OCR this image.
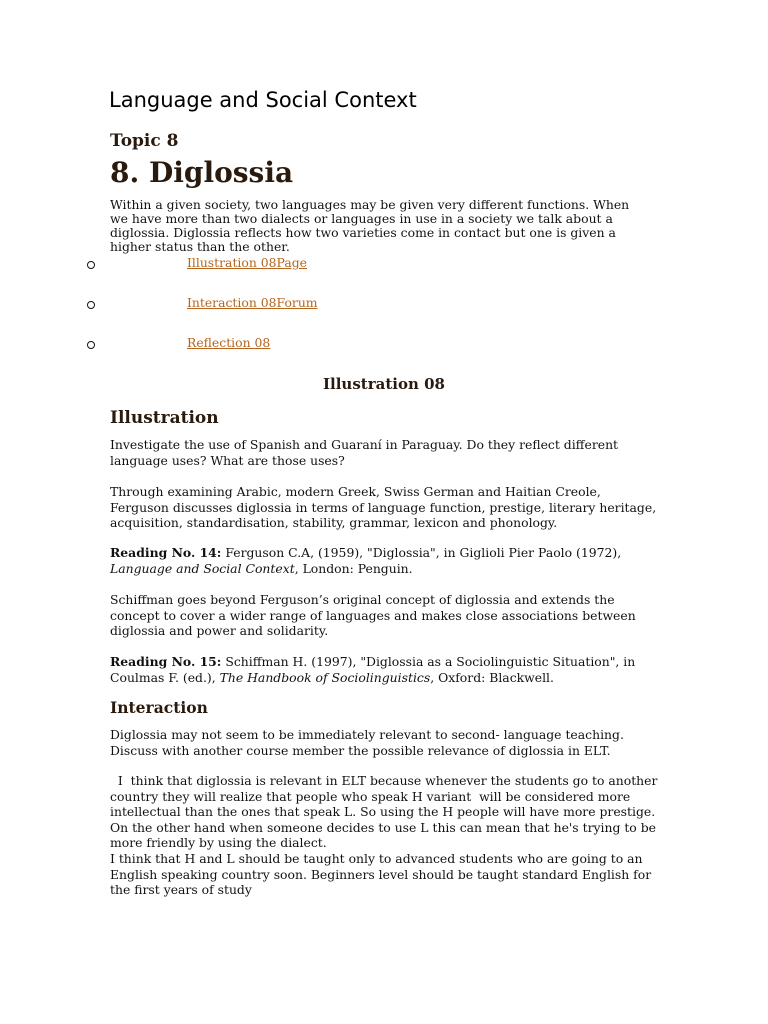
Language and Social Context
Topic 8
8. Diglossia

Within a given society, two languages may be given very different functions. When we have more than two dialects or languages in use in a society we talk about a diglossia. Diglossia reflects how two varieties come in contact but one is given a higher status than the other.

Illustration 08Page
Interaction 08Forum
Reflection 08
Illustration 08
Illustration

Investigate the use of Spanish and Guaraní in Paraguay. Do they reflect different language uses? What are those uses?

Through examining Arabic, modern Greek, Swiss German and Haitian Creole, Ferguson discusses diglossia in terms of language function, prestige, literary heritage, acquisition, standardisation, stability, grammar, lexicon and phonology.

Reading No. 14: Ferguson C.A, (1959), "Diglossia", in Giglioli Pier Paolo (1972), Language and Social Context, London: Penguin.

Schiffman goes beyond Ferguson’s original concept of diglossia and extends the concept to cover a wider range of languages and makes close associations between diglossia and power and solidarity.

Reading No. 15: Schiffman H. (1997), "Diglossia as a Sociolinguistic Situation", in Coulmas F. (ed.), The Handbook of Sociolinguistics, Oxford: Blackwell.

Interaction

Diglossia may not seem to be immediately relevant to second- language teaching. Discuss with another course member the possible relevance of diglossia in ELT.

I  think that diglossia is relevant in ELT because whenever the students go to another country they will realize that people who speak H variant  will be considered more intellectual than the ones that speak L. So using the H people will have more prestige. On the other hand when someone decides to use L this can mean that he's trying to be more friendly by using the dialect.

I think that H and L should be taught only to advanced students who are going to an English speaking country soon. Beginners level should be taught standard English for the first years of study
